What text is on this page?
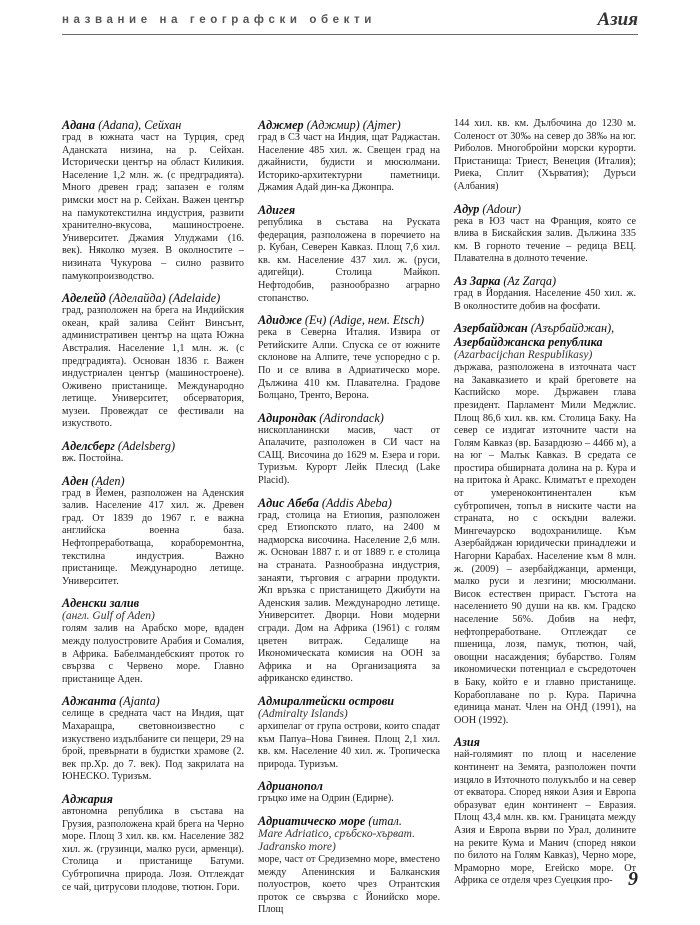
название на географски обекти	Азия
Адана (Adana), Сейхан
град в южната част на Турция, сред Аданската низина, на р. Сейхан. Исторически център на област Киликия. Население 1,2 млн. ж. (с предградията). Много древен град; запазен е голям римски мост на р. Сейхан. Важен център на памукотекстилна индустрия, развити хранително-вкусова, машиностроене. Университет. Джамия Улуджами (16. век). Няколко музея. В околностите – низината Чукурова – силно развито памукопроизводство.
Аделейд (Аделайда) (Adelaide)
град, разположен на брега на Индийския океан, край залива Сейнт Винсънт, административен център на щата Южна Австралия. Население 1,1 млн. ж. (с предградията). Основан 1836 г. Важен индустриален център (машиностроене). Оживено пристанище. Международно летище. Университет, обсерватория, музеи. Провеждат се фестивали на изкуството.
Аделсберг (Adelsberg)
вж. Постойна.
Аден (Aden)
град в Йемен, разположен на Аденския залив. Население 417 хил. ж. Древен град. От 1839 до 1967 г. е важна английска военна база. Нефтопреработваща, кораборемонтна, текстилна индустрия. Важно пристанище. Международно летище. Университет.
Аденски залив
(англ. Gulf of Aden)
голям залив на Арабско море, вдаден между полуостровите Арабия и Сомалия, в Африка. Бабелмандебският проток го свързва с Червено море. Главно пристанище Аден.
Аджанта (Ajanta)
селище в средната част на Индия, щат Махаращра, световноизвестно с изкуствено издълбаните си пещери, 29 на брой, превърнати в будистки храмове (2. век пр.Хр. до 7. век). Под закрилата на ЮНЕСКО. Туризъм.
Аджария
автономна република в състава на Грузия, разположена край брега на Черно море. Площ 3 хил. кв. км. Население 382 хил. ж. (грузинци, малко руси, арменци). Столица и пристанище Батуми. Субтропична природа. Лозя. Отглеждат се чай, цитрусови плодове, тютюн. Гори.
Аджмер (Аджмир) (Ajmer)
град в СЗ част на Индия, щат Раджастан. Население 485 хил. ж. Свещен град на джайнисти, будисти и мюсюлмани. Историко-архитектурни паметници. Джамия Адай дин-ка Джонпра.
Адигея
република в състава на Руската федерация, разположена в поречието на р. Кубан, Северен Кавказ. Площ 7,6 хил. кв. км. Население 437 хил. ж. (руси, адигейци). Столица Майкоп. Нефтодобив, разнообразно аграрно стопанство.
Адидже (Еч) (Adige, нем. Etsch)
река в Северна Италия. Извира от Ретийските Алпи. Спуска се от южните склонове на Алпите, тече успоредно с р. По и се влива в Адриатическо море. Дължина 410 км. Плавателна. Градове Болцано, Тренто, Верона.
Адирондак (Adirondack)
нископланински масив, част от Апалачите, разположен в СИ част на САЩ. Височина до 1629 м. Езера и гори. Туризъм. Курорт Лейк Плесид (Lake Placid).
Адис Абеба (Addis Abeba)
град, столица на Етиопия, разположен сред Етиопското плато, на 2400 м надморска височина. Население 2,6 млн. ж. Основан 1887 г. и от 1889 г. е столица на страната. Разнообразна индустрия, занаяти, търговия с аграрни продукти. Жп връзка с пристанището Джибути на Аденския залив. Международно летище. Университет. Дворци. Нови модерни сгради. Дом на Африка (1961) с голям цветен витраж. Седалище на Икономическата комисия на ООН за Африка и на Организацията за африканско единство.
Адмиралтейски острови
(Admiralty Islands)
архипелаг от група острови, които спадат към Папуа–Нова Гвинея. Площ 2,1 хил. кв. км. Население 40 хил. ж. Тропическа природа. Туризъм.
Адрианопол
гръцко име на Одрин (Едирне).
Адриатическо море (итал.
Mare Adriatico, сръбско-хърват. Jadransko more)
море, част от Средиземно море, вместено между Апенинския и Балканския полуостров, което чрез Отрантския проток се свързва с Йонийско море. Площ
144 хил. кв. км. Дълбочина до 1230 м. Соленост от 30‰ на север до 38‰ на юг. Риболов. Многобройни морски курорти. Пристанища: Триест, Венеция (Италия); Риека, Сплит (Хърватия); Дуръси (Албания)
Адур (Adour)
река в ЮЗ част на Франция, която се влива в Бискайския залив. Дължина 335 км. В горното течение – редица ВЕЦ. Плавателна в долното течение.
Аз Зарка (Az Zarqa)
град в Йордания. Население 450 хил. ж. В околностите добив на фосфати.
Азербайджан (Азърбайджан),
Азербайджанска република
(Azarbacijchan Respublikasy)
държава, разположена в източната част на Закавказието и край бреговете на Каспийско море. Държавен глава президент. Парламент Мили Меджлис. Площ 86,6 хил. кв. км. Столица Баку. На север се издигат източните части на Голям Кавказ (вр. Базардюзю – 4466 м), а на юг – Малък Кавказ. В средата се простира обширната долина на р. Кура и на притока ѝ Аракс. Климатът е преходен от умереноконтинентален към субтропичен, топъл в ниските части на страната, но с оскъдни валежи. Мингечаурско водохранилище. Към Азербайджан юридически принадлежи и Нагорни Карабах. Население към 8 млн. ж. (2009) – азербайджанци, арменци, малко руси и лезгини; мюсюлмани. Висок естествен прираст. Гъстота на населението 90 души на кв. км. Градско население 56%. Добив на нефт, нефтопреработване. Отглеждат се пшеница, лозя, памук, тютюн, чай, овощни насаждения; бубарство. Голям икономически потенциал е съсредоточен в Баку, който е и главно пристанище. Корабоплаване по р. Кура. Парична единица манат. Член на ОНД (1991), на ООН (1992).
Азия
най-голямият по площ и население континент на Земята, разположен почти изцяло в Източното полукълбо и на север от екватора. Според някои Азия и Европа образуват един континент – Евразия. Площ 43,4 млн. кв. км. Границата между Азия и Европа върви по Урал, долините на реките Кума и Манич (според някои по билото на Голям Кавказ), Черно море, Мраморно море, Егейско море. От Африка се отделя чрез Суецкия про- 9
